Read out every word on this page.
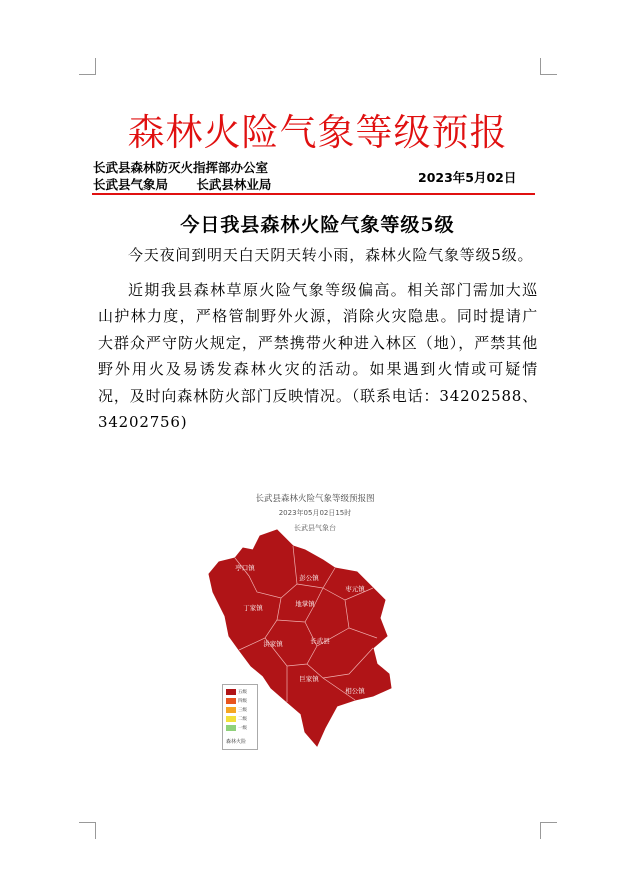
森林火险气象等级预报
长武县森林防灭火指挥部办公室
长武县气象局 长武县林业局	2023年5月02日
今日我县森林火险气象等级5级

今天夜间到明天白天阴天转小雨，森林火险气象等级5级。

近期我县森林草原火险气象等级偏高。相关部门需加大巡山护林力度，严格管制野外火源，消除火灾隐患。同时提请广大群众严守防火规定，严禁携带火种进入林区（地），严禁其他野外用火及易诱发森林火灾的活动。如果遇到火情或可疑情况，及时向森林防火部门反映情况。（联系电话：34202588、34202756)

长武县森林火险气象等级预报图
2023年05月02日15时
长武县气象台
亭口镇
彭公镇
枣元镇
丁家镇	地掌镇
洪家镇	长武县
巨家镇
相公镇
五级
四级
三级
二级
一级
森林火险
